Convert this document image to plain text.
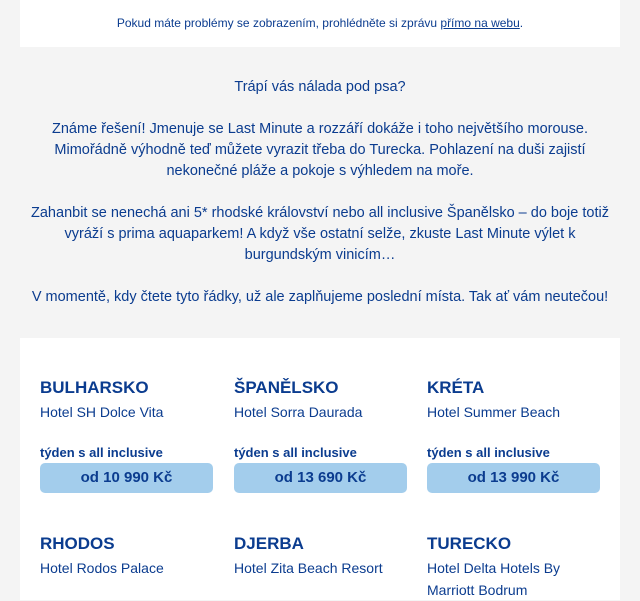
Pokud máte problémy se zobrazením, prohlédněte si zprávu přímo na webu.

Trápí vás nálada pod psa?

Známe řešení! Jmenuje se Last Minute a rozzáří dokáže i toho největšího morouse.

Mimořádně výhodně teď můžete vyrazit třeba do Turecka. Pohlazení na duši zajistí

nekonečné pláže a pokoje s výhledem na moře.

Zahanbit se nenechá ani 5* rhodské království nebo all inclusive Španělsko – do boje totiž

vyráží s prima aquaparkem! A když vše ostatní selže, zkuste Last Minute výlet k

burgundským vinicím…

V momentě, kdy čtete tyto řádky, už ale zaplňujeme poslední místa. Tak ať vám neutečou!

BULHARSKO
Hotel SH Dolce Vita
týden s all inclusive
od 10 990 Kč
ŠPANĚLSKO
Hotel Sorra Daurada
týden s all inclusive
od 13 690 Kč
KRÉTA
Hotel Summer Beach
týden s all inclusive
od 13 990 Kč
RHODOS
Hotel Rodos Palace
DJERBA
Hotel Zita Beach Resort
TURECKO
Hotel Delta Hotels By
Marriott Bodrum
